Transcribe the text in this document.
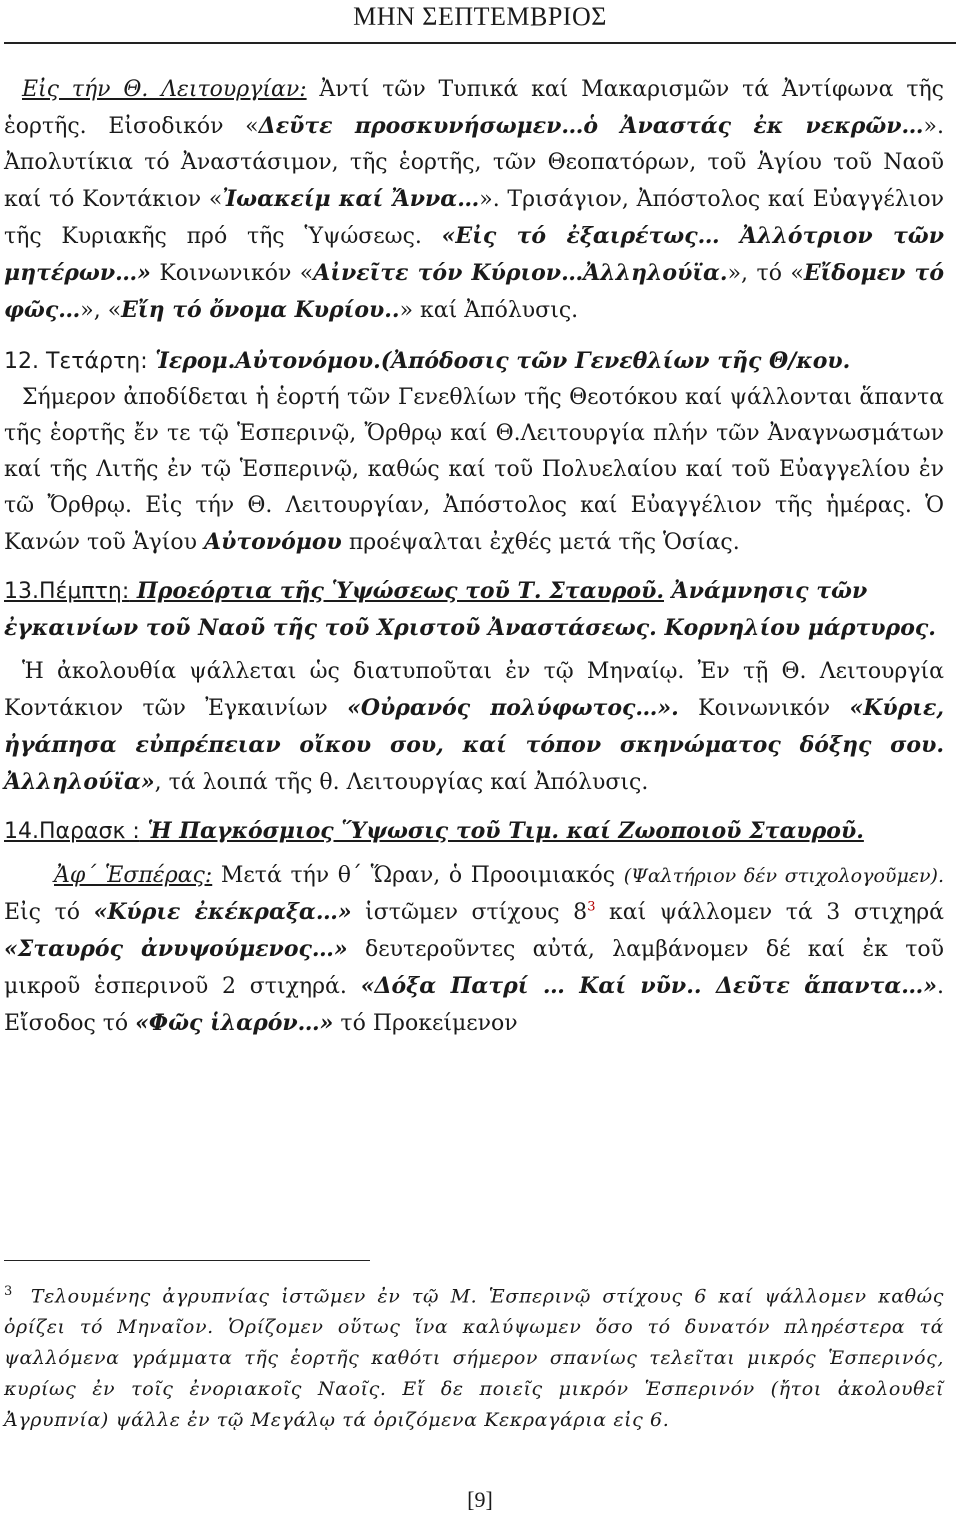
ΜΗΝ ΣΕΠΤΕΜΒΡΙΟΣ

Εἰς τήν Θ. Λειτουργίαν: Ἀντί τῶν Τυπικά καί Μακαρισμῶν τά Ἀντίφωνα τῆς ἑορτῆς. Εἰσοδικόν «Δεῦτε προσκυνήσωμεν…ὁ Ἀναστάς ἐκ νεκρῶν…». Ἀπολυτίκια τό Ἀναστάσιμον, τῆς ἑορτῆς, τῶν Θεοπατόρων, τοῦ Ἁγίου τοῦ Ναοῦ καί τό Κοντάκιον «Ἰωακείμ καί Ἄννα…». Τρισάγιον, Ἀπόστολος καί Εὐαγγέλιον τῆς Κυριακῆς πρό τῆς Ὑψώσεως. «Εἰς τό ἐξαιρέτως… Ἀλλότριον τῶν μητέρων…» Κοινωνικόν «Αἰνεῖτε τόν Κύριον…Ἀλληλούϊα.», τό «Εἴδομεν τό φῶς…», «Εἴη τό ὄνομα Κυρίου..» καί Ἀπόλυσις.

12. Τετάρτη: Ἱερομ.Αὐτονόμου.(Ἀπόδοσις τῶν Γενεθλίων τῆς Θ/κου.

Σήμερον ἀποδίδεται ἡ ἑορτή τῶν Γενεθλίων τῆς Θεοτόκου καί ψάλλονται ἅπαντα τῆς ἑορτῆς ἔν τε τῷ Ἑσπερινῷ, Ὄρθρῳ καί Θ.Λειτουργία πλήν τῶν Ἀναγνωσμάτων καί τῆς Λιτῆς ἐν τῷ Ἑσπερινῷ, καθώς καί τοῦ Πολυελαίου καί τοῦ Εὐαγγελίου ἐν τῶ Ὄρθρῳ. Εἰς τήν Θ. Λειτουργίαν, Ἀπόστολος καί Εὐαγγέλιον τῆς ἡμέρας. Ὁ Κανών τοῦ Ἁγίου Αὐτονόμου προέψαλται ἐχθές μετά τῆς Ὁσίας.

13.Πέμπτη: Προεόρτια τῆς Ὑψώσεως τοῦ Τ. Σταυροῦ. Ἀνάμνησις τῶν ἐγκαινίων τοῦ Ναοῦ τῆς τοῦ Χριστοῦ Ἀναστάσεως. Κορνηλίου μάρτυρος.

Ἡ ἀκολουθία ψάλλεται ὡς διατυποῦται ἐν τῷ Μηναίῳ. Ἐν τῇ Θ. Λειτουργία Κοντάκιον τῶν Ἐγκαινίων «Οὐρανός πολύφωτος…». Κοινωνικόν «Κύριε, ἠγάπησα εὐπρέπειαν οἴκου σου, καί τόπον σκηνώματος δόξης σου. Ἀλληλούϊα», τά λοιπά τῆς θ. Λειτουργίας καί Ἀπόλυσις.

14.Παρασκ : Ἡ Παγκόσμιος Ὕψωσις τοῦ Τιμ. καί Ζωοποιοῦ Σταυροῦ.

Ἀφ΄ Ἑσπέρας: Μετά τήν θ΄ Ὥραν, ὁ Προοιμιακός (Ψαλτήριον δέν στιχολογοῦμεν). Εἰς τό «Κύριε ἐκέκραξα…» ἱστῶμεν στίχους $8^3$ καί ψάλλομεν τά 3 στιχηρά «Σταυρός ἀνυψούμενος…» δευτεροῦντες αὐτά, λαμβάνομεν δέ καί ἐκ τοῦ μικροῦ ἑσπερινοῦ 2 στιχηρά. «Δόξα Πατρί … Καί νῦν.. Δεῦτε ἅπαντα…». Εἴσοδος τό «Φῶς ἱλαρόν…» τό Προκείμενον

$^3$ Τελουμένης ἀγρυπνίας ἱστῶμεν ἐν τῷ Μ. Ἑσπερινῷ στίχους 6 καί ψάλλομεν καθώς ὁρίζει τό Μηναῖον. Ὁρίζομεν οὕτως ἵνα καλύψωμεν ὅσο τό δυνατόν πληρέστερα τά ψαλλόμενα γράμματα τῆς ἑορτῆς καθότι σήμερον σπανίως τελεῖται μικρός Ἑσπερινός, κυρίως ἐν τοῖς ἐνοριακοῖς Ναοῖς. Εἴ δε ποιεῖς μικρόν Ἑσπερινόν (ἤτοι ἀκολουθεῖ Ἀγρυπνία) ψάλλε ἐν τῷ Μεγάλῳ τά ὁριζόμενα Κεκραγάρια εἰς 6.

[9]
